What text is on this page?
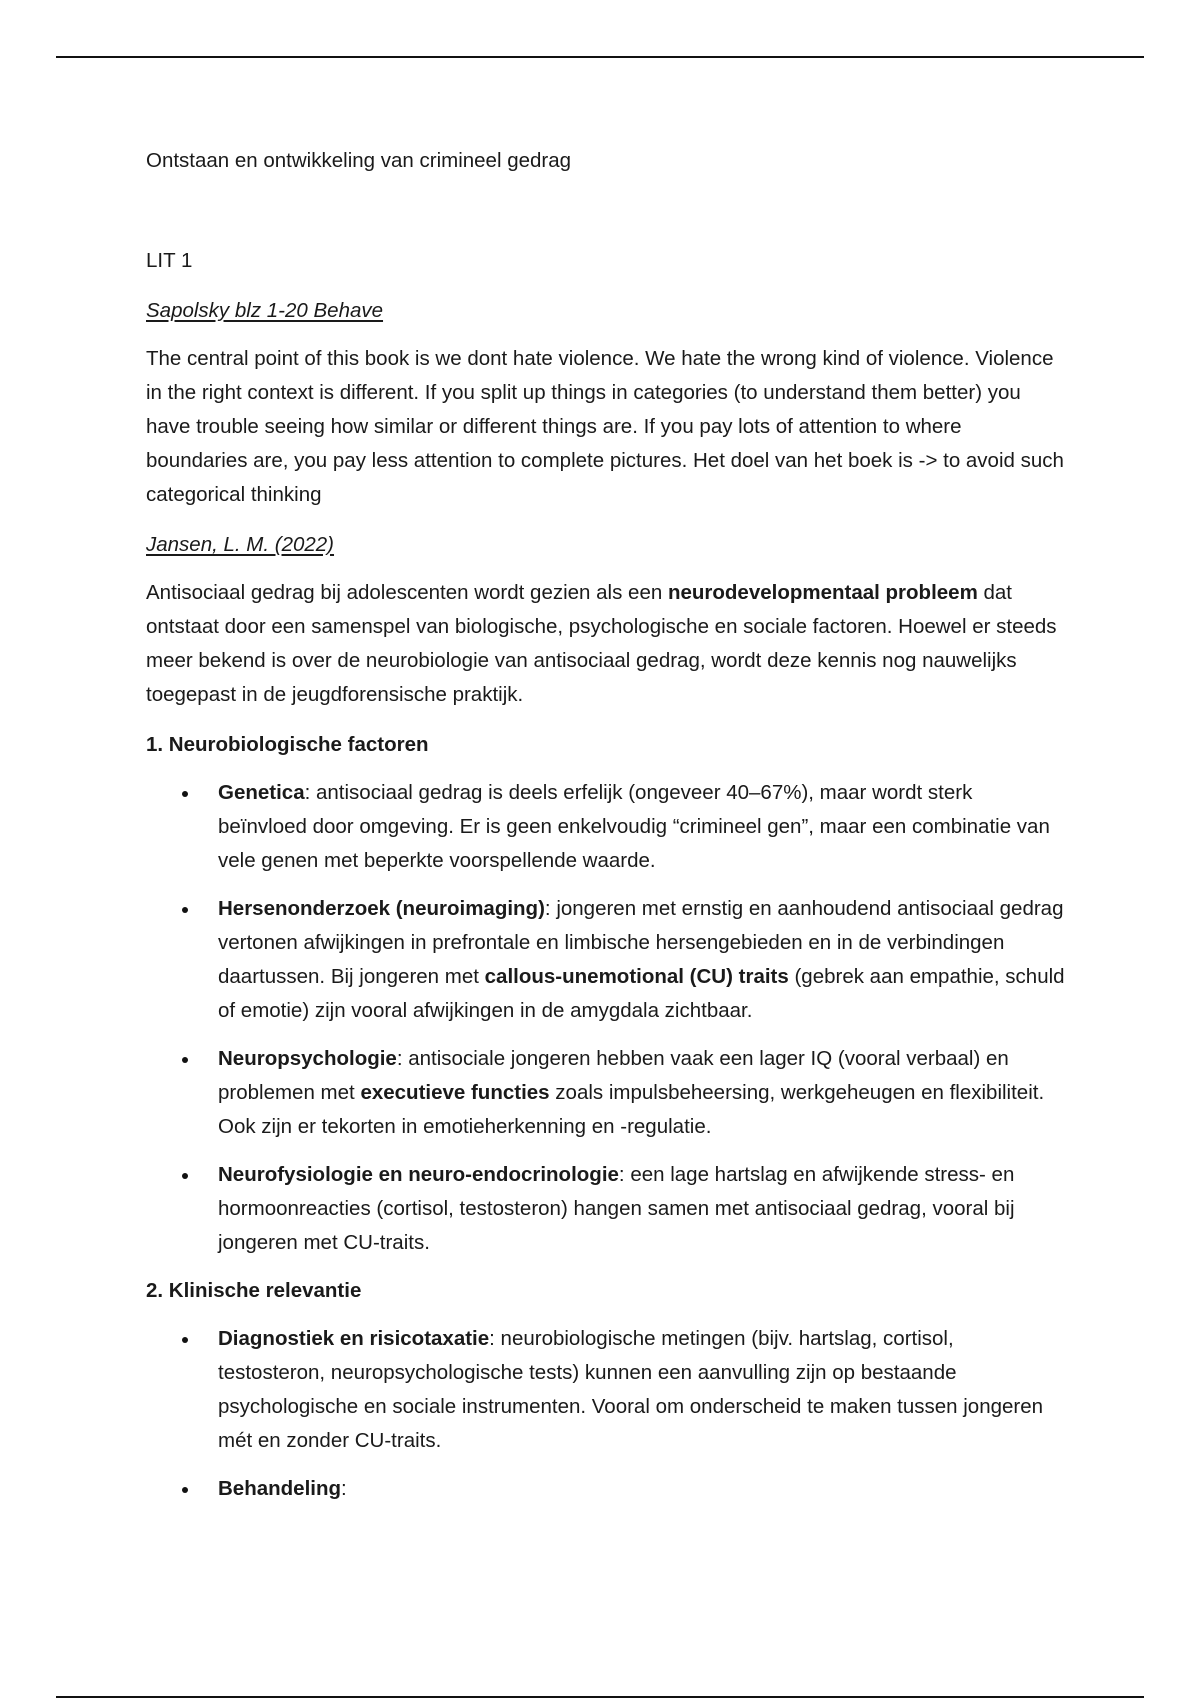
Ontstaan en ontwikkeling van crimineel gedrag
LIT 1
Sapolsky blz 1-20 Behave

The central point of this book is we dont hate violence. We hate the wrong kind of violence. Violence in the right context is different. If you split up things in categories (to understand them better) you have trouble seeing how similar or different things are. If you pay lots of attention to where boundaries are, you pay less attention to complete pictures. Het doel van het boek is -> to avoid such categorical thinking

Jansen, L. M. (2022)

Antisociaal gedrag bij adolescenten wordt gezien als een neurodevelopmentaal probleem dat ontstaat door een samenspel van biologische, psychologische en sociale factoren. Hoewel er steeds meer bekend is over de neurobiologie van antisociaal gedrag, wordt deze kennis nog nauwelijks toegepast in de jeugdforensische praktijk.

1. Neurobiologische factoren
Genetica: antisociaal gedrag is deels erfelijk (ongeveer 40–67%), maar wordt sterk beïnvloed door omgeving. Er is geen enkelvoudig “crimineel gen”, maar een combinatie van vele genen met beperkte voorspellende waarde.
Hersenonderzoek (neuroimaging): jongeren met ernstig en aanhoudend antisociaal gedrag vertonen afwijkingen in prefrontale en limbische hersengebieden en in de verbindingen daartussen. Bij jongeren met callous-unemotional (CU) traits (gebrek aan empathie, schuld of emotie) zijn vooral afwijkingen in de amygdala zichtbaar.
Neuropsychologie: antisociale jongeren hebben vaak een lager IQ (vooral verbaal) en problemen met executieve functies zoals impulsbeheersing, werkgeheugen en flexibiliteit. Ook zijn er tekorten in emotieherkenning en -regulatie.
Neurofysiologie en neuro-endocrinologie: een lage hartslag en afwijkende stress- en hormoonreacties (cortisol, testosteron) hangen samen met antisociaal gedrag, vooral bij jongeren met CU-traits.
2. Klinische relevantie
Diagnostiek en risicotaxatie: neurobiologische metingen (bijv. hartslag, cortisol, testosteron, neuropsychologische tests) kunnen een aanvulling zijn op bestaande psychologische en sociale instrumenten. Vooral om onderscheid te maken tussen jongeren mét en zonder CU-traits.
Behandeling:
